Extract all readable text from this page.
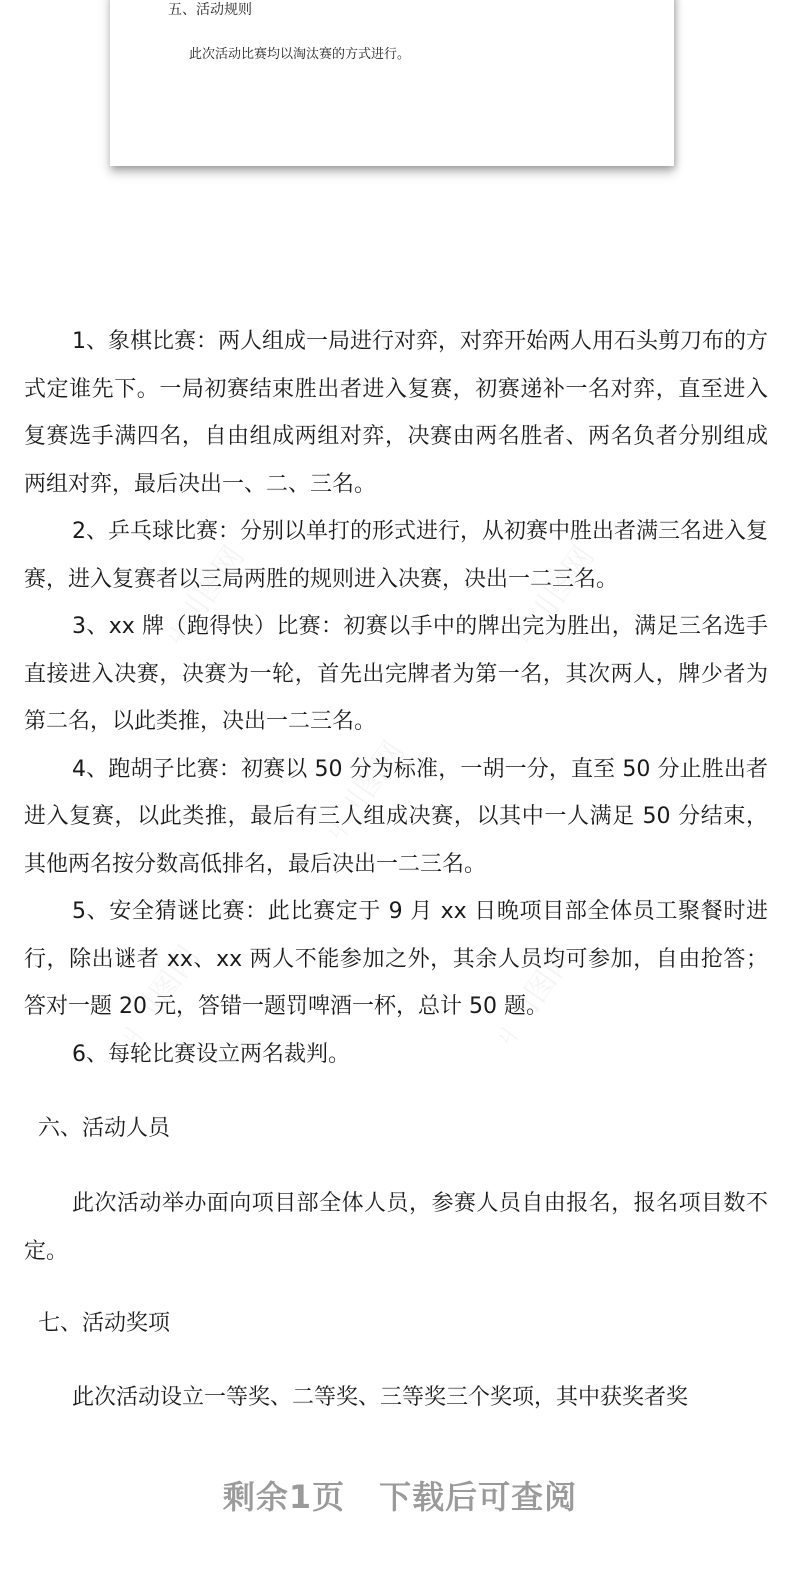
五、活动规则
此次活动比赛均以淘汰赛的方式进行。

1、象棋比赛：两人组成一局进行对弈，对弈开始两人用石头剪刀布的方式定谁先下。一局初赛结束胜出者进入复赛，初赛递补一名对弈，直至进入复赛选手满四名，自由组成两组对弈，决赛由两名胜者、两名负者分别组成两组对弈，最后决出一、二、三名。

2、乒乓球比赛：分别以单打的形式进行，从初赛中胜出者满三名进入复赛，进入复赛者以三局两胜的规则进入决赛，决出一二三名。

3、xx 牌（跑得快）比赛：初赛以手中的牌出完为胜出，满足三名选手直接进入决赛，决赛为一轮，首先出完牌者为第一名，其次两人，牌少者为第二名，以此类推，决出一二三名。

4、跑胡子比赛：初赛以 50 分为标准，一胡一分，直至 50 分止胜出者进入复赛，以此类推，最后有三人组成决赛，以其中一人满足 50 分结束，其他两名按分数高低排名，最后决出一二三名。

5、安全猜谜比赛：此比赛定于 9 月 xx 日晚项目部全体员工聚餐时进行，除出谜者 xx、xx 两人不能参加之外，其余人员均可参加，自由抢答；答对一题 20 元，答错一题罚啤酒一杯，总计 50 题。

6、每轮比赛设立两名裁判。

六、活动人员

此次活动举办面向项目部全体人员，参赛人员自由报名，报名项目数不定。

七、活动奖项

此次活动设立一等奖、二等奖、三等奖三个奖项，其中获奖者奖

剩余1页 下载后可查阅
